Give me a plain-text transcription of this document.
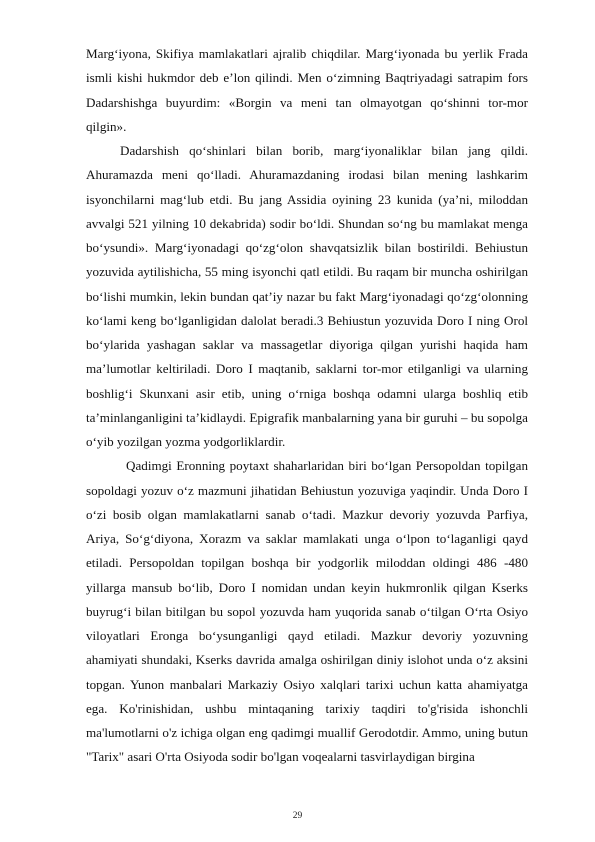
Marg‘iyona, Skifiya mamlakatlari ajralib chiqdilar. Marg‘iyonada bu yerlik Frada ismli kishi hukmdor deb e’lon qilindi. Men o‘zimning Baqtriyadagi satrapim fors Dadarshishga buyurdim: «Borgin va meni tan olmayotgan qo‘shinni tor-mor qilgin».

Dadarshish qo‘shinlari bilan borib, marg‘iyonaliklar bilan jang qildi. Ahuramazda meni qo‘lladi. Ahuramazdaning irodasi bilan mening lashkarim isyonchilarni mag‘lub etdi. Bu jang Assidia oyining 23 kunida (ya’ni, miloddan avvalgi 521 yilning 10 dekabrida) sodir bo‘ldi. Shundan so‘ng bu mamlakat menga bo‘ysundi». Marg‘iyonadagi qo‘zg‘olon shavqatsizlik bilan bostirildi. Behiustun yozuvida aytilishicha, 55 ming isyonchi qatl etildi. Bu raqam bir muncha oshirilgan bo‘lishi mumkin, lekin bundan qat’iy nazar bu fakt Marg‘iyonadagi qo‘zg‘olonning ko‘lami keng bo‘lganligidan dalolat beradi.3 Behiustun yozuvida Doro I ning Orol bo‘ylarida yashagan saklar va massagetlar diyoriga qilgan yurishi haqida ham ma’lumotlar keltiriladi. Doro I maqtanib, saklarni tor-mor etilganligi va ularning boshlig‘i Skunxani asir etib, uning o‘rniga boshqa odamni ularga boshliq etib ta’minlanganligini ta’kidlaydi. Epigrafik manbalarning yana bir guruhi – bu sopolga o‘yib yozilgan yozma yodgorliklardir.

Qadimgi Eronning poytaxt shaharlaridan biri bo‘lgan Persopoldan topilgan sopoldagi yozuv o‘z mazmuni jihatidan Behiustun yozuviga yaqindir. Unda Doro I o‘zi bosib olgan mamlakatlarni sanab o‘tadi. Mazkur devoriy yozuvda Parfiya, Ariya, So‘g‘diyona, Xorazm va saklar mamlakati unga o‘lpon to‘laganligi qayd etiladi. Persopoldan topilgan boshqa bir yodgorlik miloddan oldingi 486 -480 yillarga mansub bo‘lib, Doro I nomidan undan keyin hukmronlik qilgan Kserks buyrug‘i bilan bitilgan bu sopol yozuvda ham yuqorida sanab o‘tilgan O‘rta Osiyo viloyatlari Eronga bo‘ysunganligi qayd etiladi. Mazkur devoriy yozuvning ahamiyati shundaki, Kserks davrida amalga oshirilgan diniy islohot unda o‘z aksini topgan. Yunon manbalari Markaziy Osiyo xalqlari tarixi uchun katta ahamiyatga ega. Ko'rinishidan, ushbu mintaqaning tarixiy taqdiri to'g'risida ishonchli ma'lumotlarni o'z ichiga olgan eng qadimgi muallif Gerodotdir. Ammo, uning butun "Tarix" asari O'rta Osiyoda sodir bo'lgan voqealarni tasvirlaydigan birgina

29
